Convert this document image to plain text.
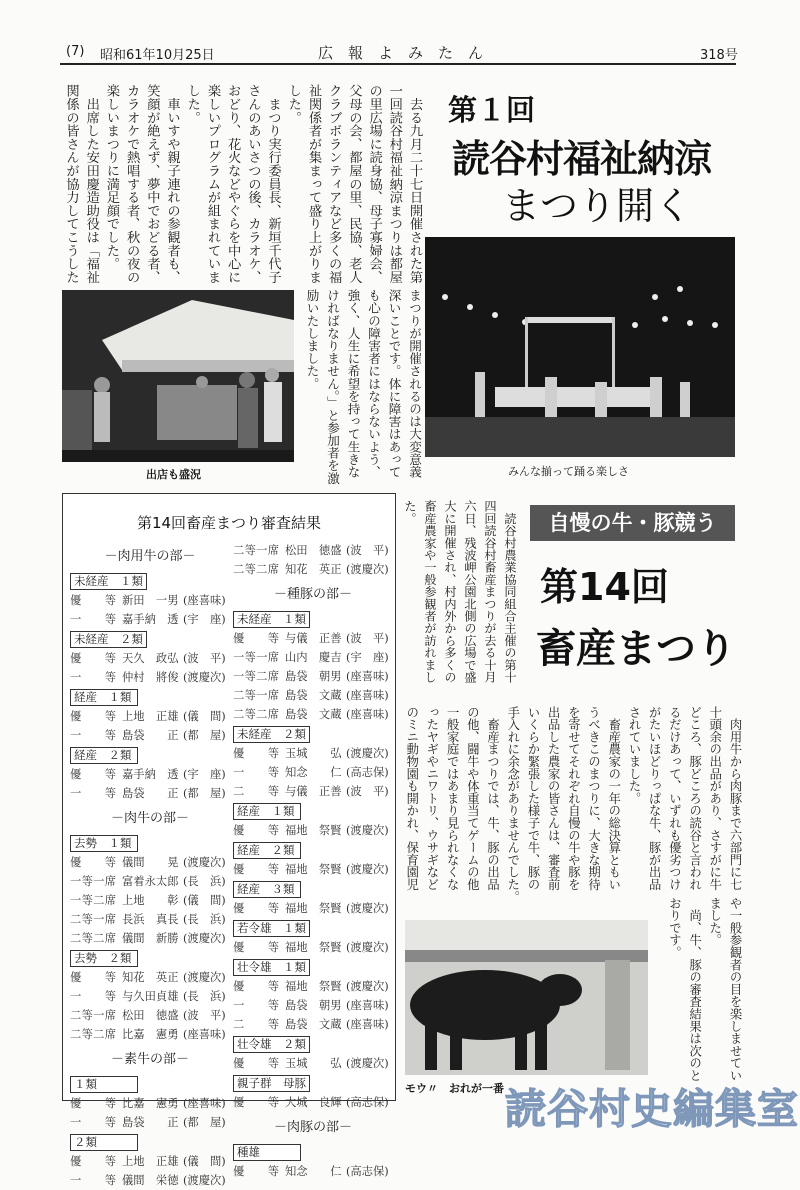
(7) 昭和61年10月25日	広　報　よ　み　た　ん	318号
第１回
読谷村福祉納涼
まつり開く
　去る九月二十七日開催された第
一回読谷村福祉納涼まつりは都屋
の里広場に読身協、母子寡婦会、
父母の会、都屋の里、民協、老人
クラブボランティアなど多くの福
祉関係者が集まって盛り上がりま
した。
　まつり実行委員長、新垣千代子
さんのあいさつの後、カラオケ、
おどり、花火などやぐらを中心に
楽しいプログラムが組まれていま
した。
　車いすや親子連れの参観者も、
笑顔が絶えず、夢中でおどる者、
カラオケで熱唱する者、秋の夜の
楽しいまつりに満足顔でした。
　出席した安田慶造助役は「福祉
関係の皆さんが協力してこうした
まつりが開催されるのは大変意義
深いことです。体に障害はあって
も心の障害者にはならないよう、
強く、人生に希望を持って生きな
ければなりません。」と参加者を激
励いたしました。
出店も盛況	みんな揃って踊る楽しさ
第14回畜産まつり審査結果
－肉用牛の部－
未経産　１類
優　等 新田　一男 (座喜味)
一　等 嘉手納　透 (宇　座)
未経産　２類
優　等 天久　政弘 (波　平)
一　等 仲村　將俊 (渡慶次)
経産　１類
優　等 上地　正雄 (儀　間)
一　等 島袋　　正 (都　屋)
経産　２類
優　等 嘉手納　透 (宇　座)
一　等 島袋　　正 (都　屋)
－肉牛の部－
去勢　１類
優　等 儀間　　晃 (渡慶次)
一等一席 富着永太郎 (長　浜)
一等二席 上地　　彰 (儀　間)
二等一席 長浜　真長 (長　浜)
二等二席 儀間　新勝 (渡慶次)
去勢　２類
優　等 知花　英正 (渡慶次)
一　等 与久田貞雄 (長　浜)
二等一席 松田　徳盛 (波　平)
二等二席 比嘉　憲勇 (座喜味)
－素牛の部－
１類
優　等 比嘉　憲勇 (座喜味)
一　等 島袋　　正 (都　屋)
２類
優　等 上地　正雄 (儀　間)
一　等 儀間　栄徳 (渡慶次)
二等一席 松田　徳盛 (波　平)
二等二席 知花　英正 (渡慶次)
－種豚の部－
未経産　１類
優　等 与儀　正善 (波　平)
一等一席 山内　慶吉 (宇　座)
一等二席 島袋　朝男 (座喜味)
二等一席 島袋　文蔵 (座喜味)
二等二席 島袋　文蔵 (座喜味)
未経産　２類
優　等 玉城　　弘 (渡慶次)
一　等 知念　　仁 (高志保)
二　等 与儀　正善 (波　平)
経産　１類
優　等 福地　祭賢 (渡慶次)
経産　２類
優　等 福地　祭賢 (渡慶次)
経産　３類
優　等 福地　祭賢 (渡慶次)
若令雄　１類
優　等 福地　祭賢 (渡慶次)
壮令雄　１類
優　等 福地　祭賢 (渡慶次)
一　等 島袋　朝男 (座喜味)
二　等 島袋　文蔵 (座喜味)
壮令雄　２類
優　等 玉城　　弘 (渡慶次)
親子群　母豚
優　等 大城　良輝 (高志保)
－肉豚の部－
種雄
優　等 知念　　仁 (高志保)
　読谷村農業協同組合主催の第十
四回読谷村畜産まつりが去る十月
六日、残波岬公園北側の広場で盛
大に開催され、村内外から多くの
畜産農家や一般参観者が訪れまし
た。	自慢の牛・豚競う
第14回
畜産まつり
　肉用牛から肉豚まで六部門に七
十頭余の出品があり、さすがに牛
どころ、豚どころの読谷と言われ
るだけあって、いずれも優劣つけ
がたいほどりっぱな牛、豚が出品
されていました。
　畜産農家の一年の総決算ともい
うべきこのまつりに、大きな期待
を寄せてそれぞれ自慢の牛や豚を
出品した農家の皆さんは、審査前
いくらか緊張した様子で牛、豚の
手入れに余念がありませんでした。
　畜産まつりでは、牛、豚の出品
の他、闘牛や体重当てゲームの他
一般家庭ではあまり見られなくな
ったヤギやニワトリ、ウサギなど
のミニ動物園も開かれ、保育園児
や一般参観者の目を楽しませてい
ました。
　尚、牛、豚の審査結果は次のと
おりです。
モウ〃　おれが一番 読谷村史編集室
